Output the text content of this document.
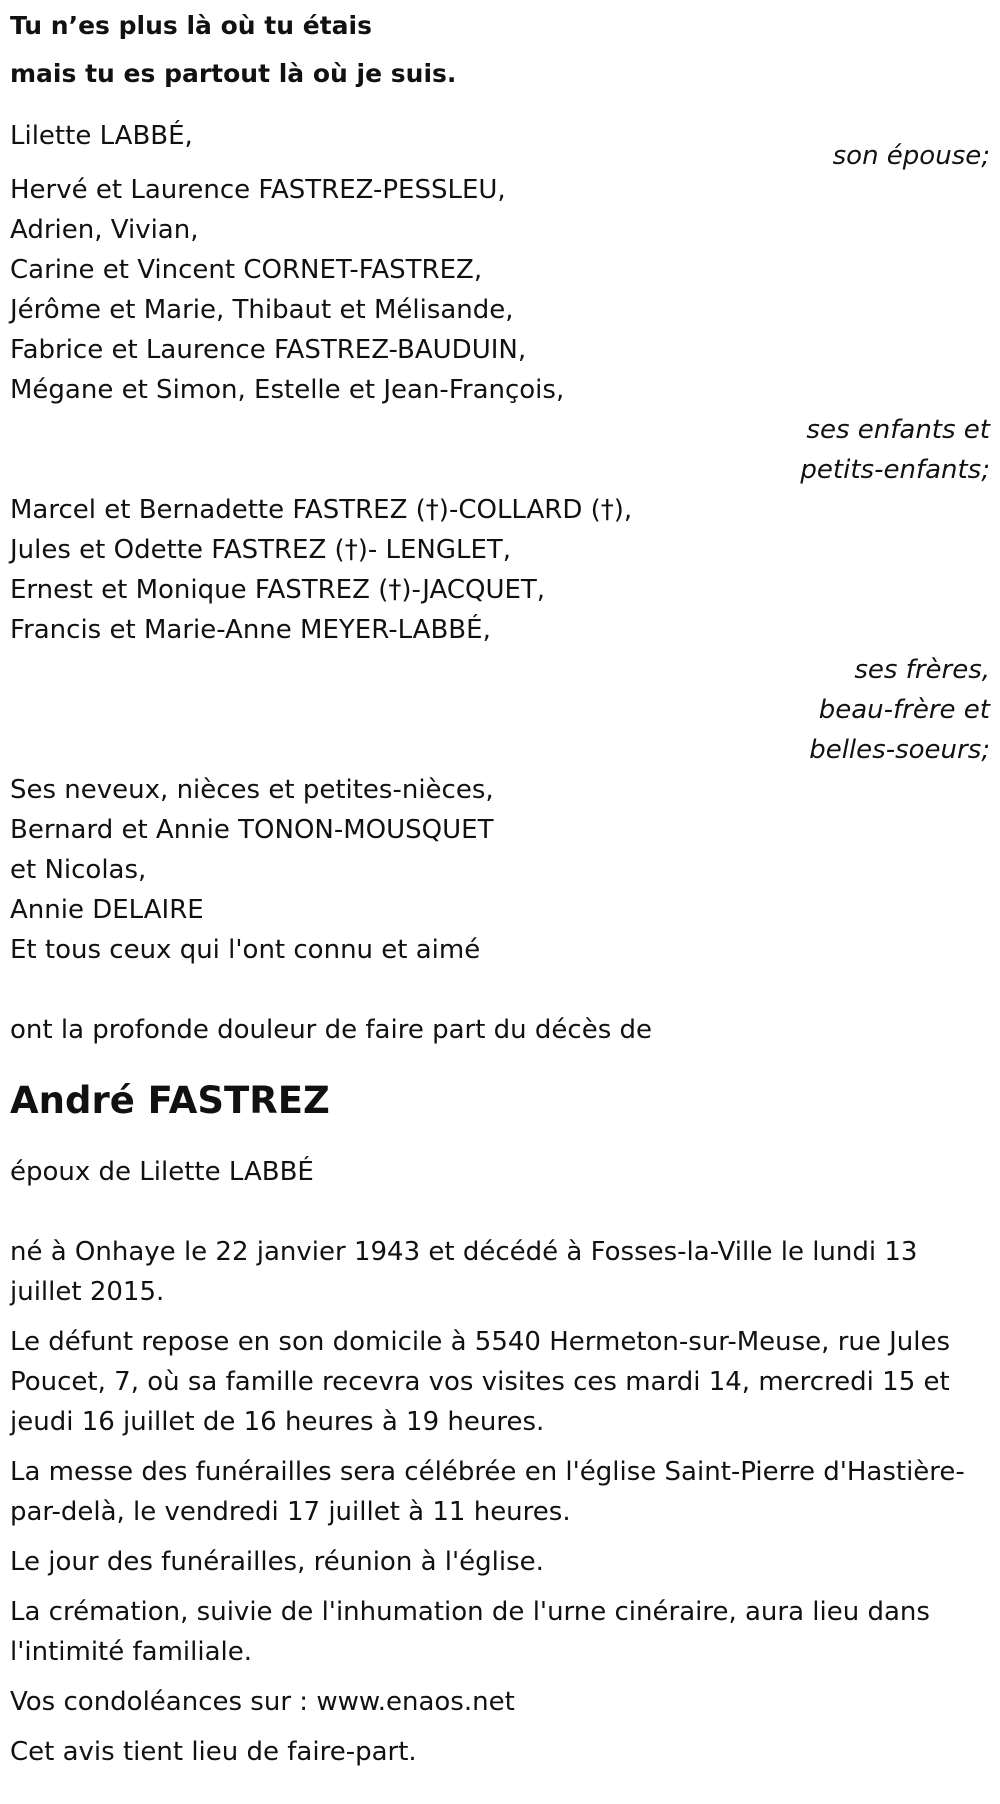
Tu n’es plus là où tu étais
mais tu es partout là où je suis.
Lilette LABBÉ,
son épouse;
Hervé et Laurence FASTREZ-PESSLEU,
Adrien, Vivian,
Carine et Vincent CORNET-FASTREZ,
Jérôme et Marie, Thibaut et Mélisande,
Fabrice et Laurence FASTREZ-BAUDUIN,
Mégane et Simon, Estelle et Jean-François,
ses enfants et
petits-enfants;
Marcel et Bernadette FASTREZ (†)-COLLARD (†),
Jules et Odette FASTREZ (†)- LENGLET,
Ernest et Monique FASTREZ (†)-JACQUET,
Francis et Marie-Anne MEYER-LABBÉ,
ses frères,
beau-frère et
belles-soeurs;
Ses neveux, nièces et petites-nièces,
Bernard et Annie TONON-MOUSQUET
et Nicolas,
Annie DELAIRE
Et tous ceux qui l'ont connu et aimé
ont la profonde douleur de faire part du décès de
André FASTREZ
époux de Lilette LABBÉ

né à Onhaye le 22 janvier 1943 et décédé à Fosses-la-Ville le lundi 13 juillet 2015.

Le défunt repose en son domicile à 5540 Hermeton-sur-Meuse, rue Jules Poucet, 7, où sa famille recevra vos visites ces mardi 14, mercredi 15 et jeudi 16 juillet de 16 heures à 19 heures.

La messe des funérailles sera célébrée en l'église Saint-Pierre d'Hastière-par-delà, le vendredi 17 juillet à 11 heures.

Le jour des funérailles, réunion à l'église.

La crémation, suivie de l'inhumation de l'urne cinéraire, aura lieu dans l'intimité familiale.

Vos condoléances sur : www.enaos.net

Cet avis tient lieu de faire-part.
